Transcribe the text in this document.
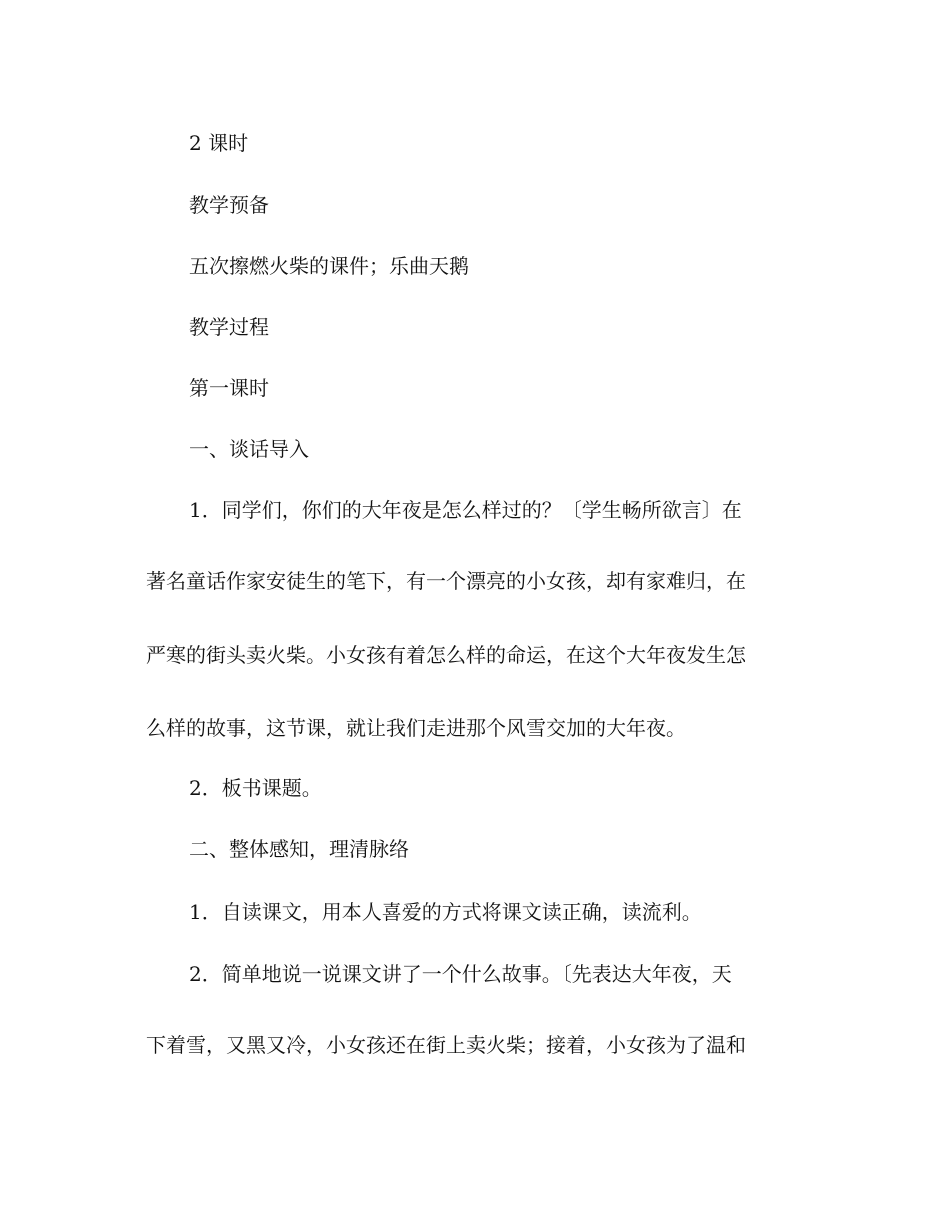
2 课时
教学预备
五次擦燃火柴的课件；乐曲天鹅
教学过程
第一课时
一、谈话导入
1．同学们，你们的大年夜是怎么样过的？〔学生畅所欲言〕在
著名童话作家安徒生的笔下，有一个漂亮的小女孩，却有家难归，在
严寒的街头卖火柴。小女孩有着怎么样的命运，在这个大年夜发生怎
么样的故事，这节课，就让我们走进那个风雪交加的大年夜。
2．板书课题。
二、整体感知，理清脉络
1．自读课文，用本人喜爱的方式将课文读正确，读流利。
2．简单地说一说课文讲了一个什么故事。〔先表达大年夜，天
下着雪，又黑又冷，小女孩还在街上卖火柴；接着，小女孩为了温和
